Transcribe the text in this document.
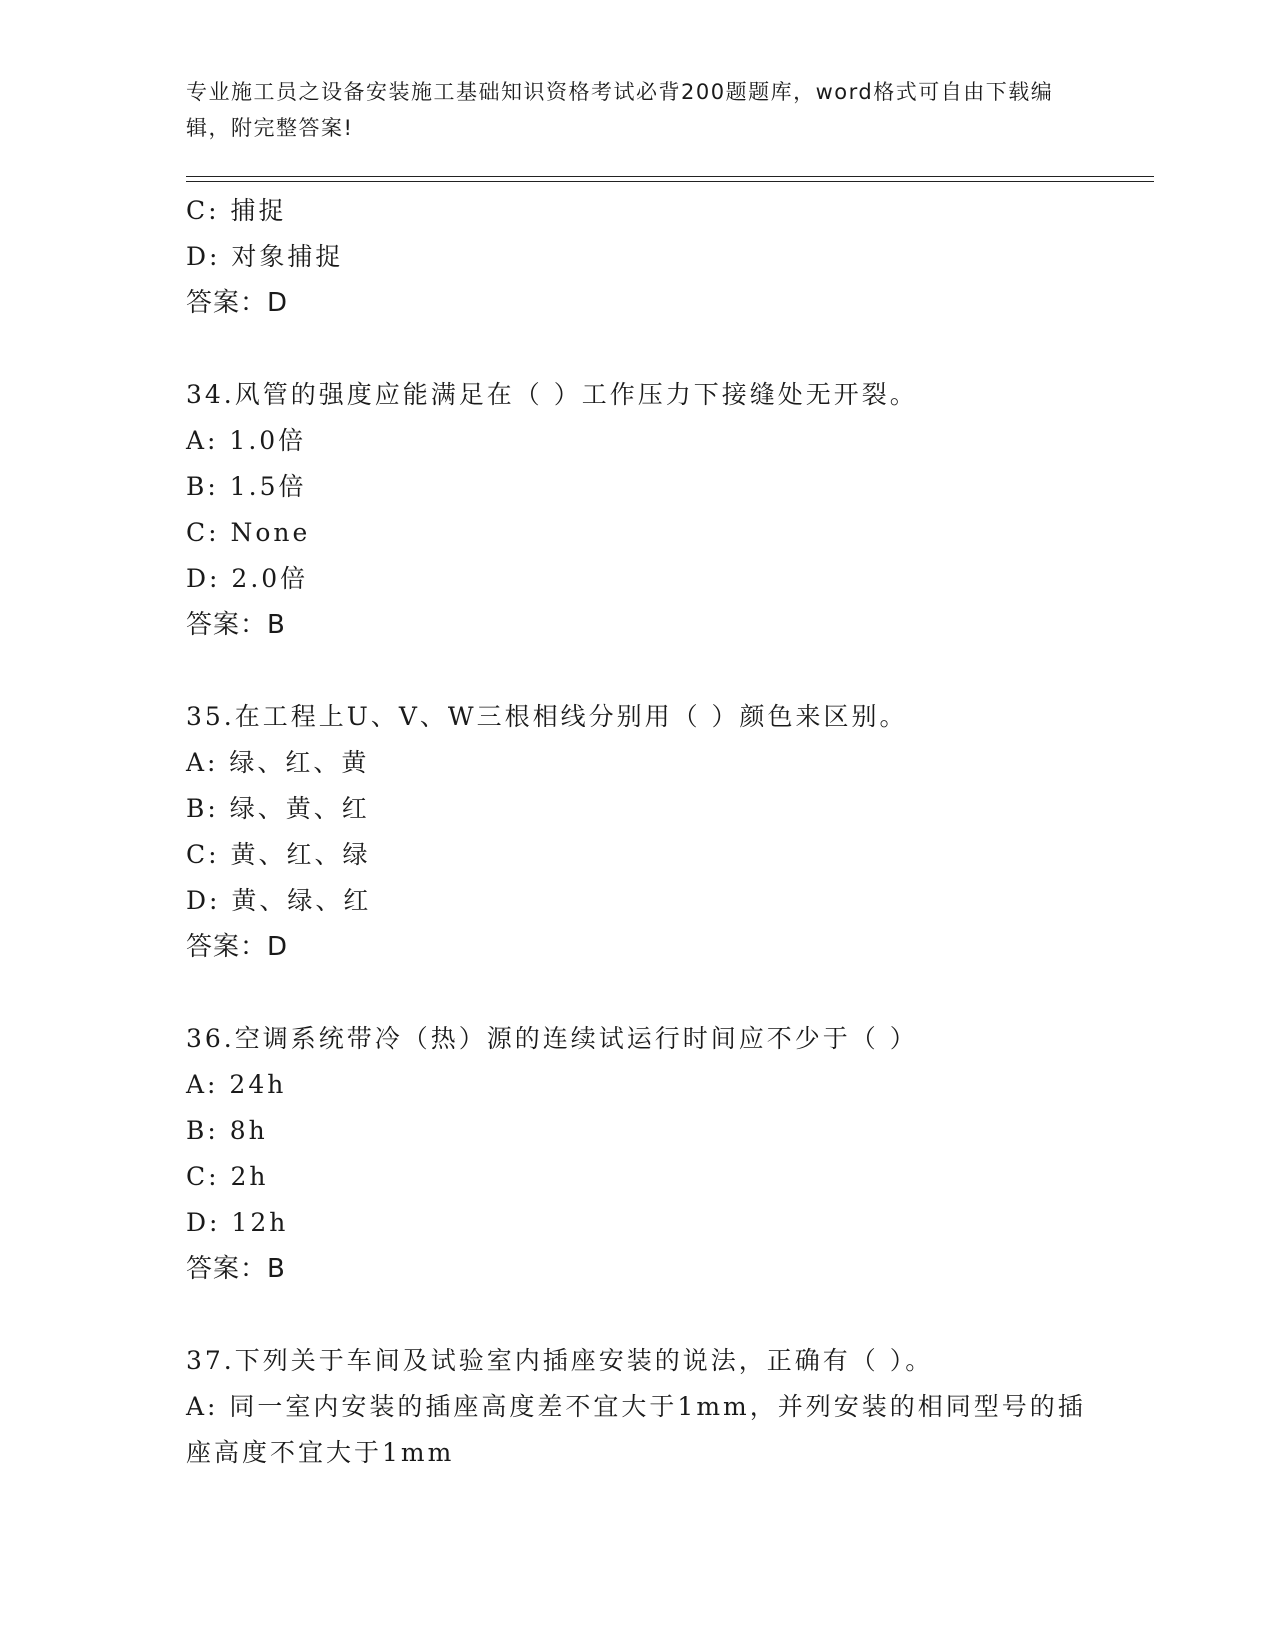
专业施工员之设备安装施工基础知识资格考试必背200题题库，word格式可自由下载编辑，附完整答案!

C: 捕捉

D: 对象捕捉

答案：D

34.风管的强度应能满足在（ ）工作压力下接缝处无开裂。

A: 1.0倍

B: 1.5倍

C: None

D: 2.0倍

答案：B

35.在工程上U、V、W三根相线分别用（ ）颜色来区别。

A: 绿、红、黄

B: 绿、黄、红

C: 黄、红、绿

D: 黄、绿、红

答案：D

36.空调系统带冷（热）源的连续试运行时间应不少于（ ）

A: 24h

B: 8h

C: 2h

D: 12h

答案：B

37.下列关于车间及试验室内插座安装的说法，正确有（ ）。

A: 同一室内安装的插座高度差不宜大于1mm，并列安装的相同型号的插座高度不宜大于1mm
